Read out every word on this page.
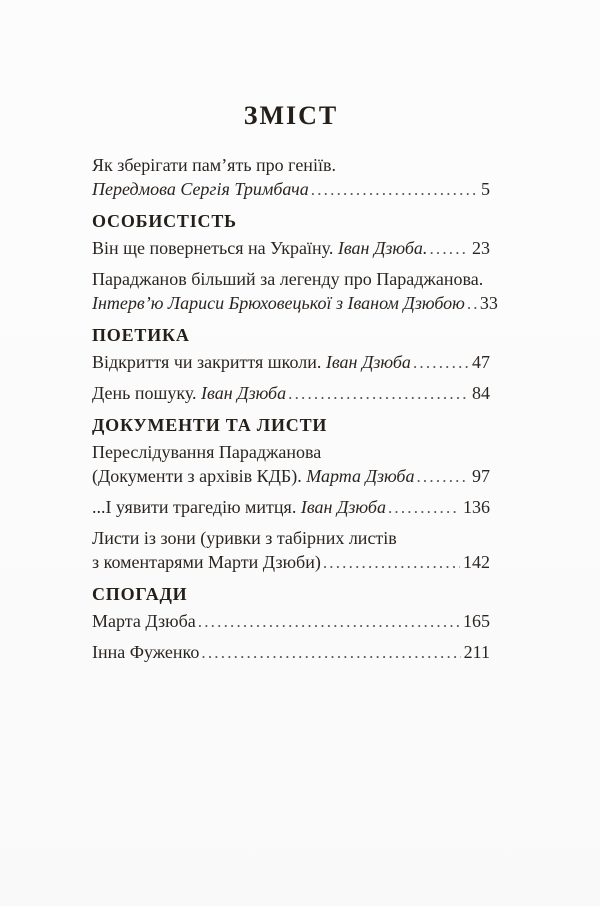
ЗМІСТ
Як зберігати пам’ять про геніїв.
Передмова Сергія Тримбача .....	5
ОСОБИСТІСТЬ
Він ще повернеться на Україну. Іван Дзюба. ..... 23
Параджанов більший за легенду про Параджанова.
Інтерв’ю Лариси Брюховецької з Іваном Дзюбою ..... 33
ПОЕТИКА
Відкриття чи закриття школи. Іван Дзюба .....	47
День пошуку. Іван Дзюба .....	84
ДОКУМЕНТИ ТА ЛИСТИ
Переслідування Параджанова
(Документи з архівів КДБ). Марта Дзюба .....	97
...І уявити трагедію митця. Іван Дзюба .....	136
Листи із зони (уривки з табірних листів
з коментарями Марти Дзюби) .....	142
СПОГАДИ
Марта Дзюба .....	165
Інна Фуженко .....	211
